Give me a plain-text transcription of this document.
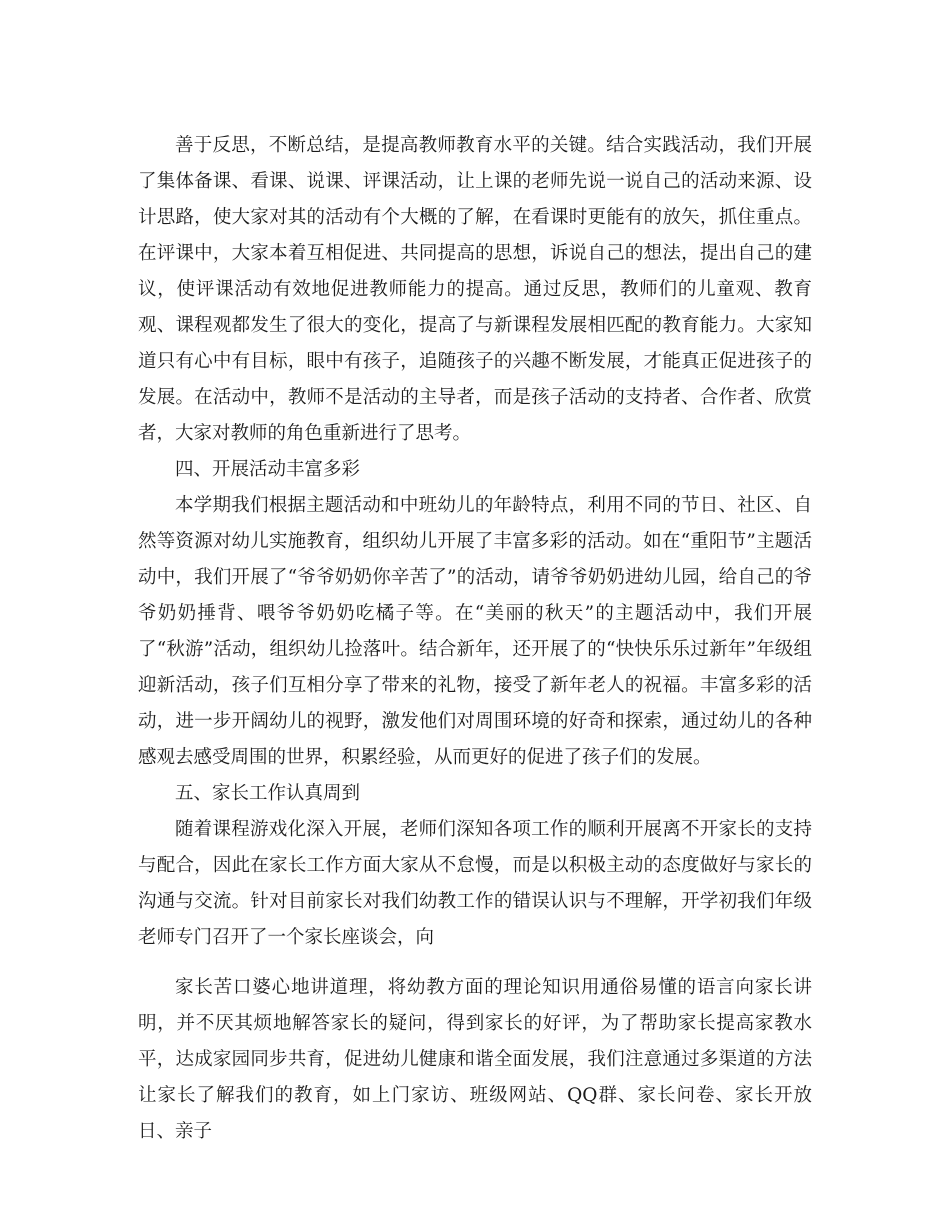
善于反思，不断总结，是提高教师教育水平的关键。结合实践活动，我们开展了集体备课、看课、说课、评课活动，让上课的老师先说一说自己的活动来源、设计思路，使大家对其的活动有个大概的了解，在看课时更能有的放矢，抓住重点。在评课中，大家本着互相促进、共同提高的思想，诉说自己的想法，提出自己的建议，使评课活动有效地促进教师能力的提高。通过反思，教师们的儿童观、教育观、课程观都发生了很大的变化，提高了与新课程发展相匹配的教育能力。大家知道只有心中有目标，眼中有孩子，追随孩子的兴趣不断发展，才能真正促进孩子的发展。在活动中，教师不是活动的主导者，而是孩子活动的支持者、合作者、欣赏者，大家对教师的角色重新进行了思考。

四、开展活动丰富多彩

本学期我们根据主题活动和中班幼儿的年龄特点，利用不同的节日、社区、自然等资源对幼儿实施教育，组织幼儿开展了丰富多彩的活动。如在“重阳节”主题活动中，我们开展了“爷爷奶奶你辛苦了”的活动，请爷爷奶奶进幼儿园，给自己的爷爷奶奶捶背、喂爷爷奶奶吃橘子等。在“美丽的秋天”的主题活动中，我们开展了“秋游”活动，组织幼儿捡落叶。结合新年，还开展了的“快快乐乐过新年”年级组迎新活动，孩子们互相分享了带来的礼物，接受了新年老人的祝福。丰富多彩的活动，进一步开阔幼儿的视野，激发他们对周围环境的好奇和探索，通过幼儿的各种感观去感受周围的世界，积累经验，从而更好的促进了孩子们的发展。

五、家长工作认真周到

随着课程游戏化深入开展，老师们深知各项工作的顺利开展离不开家长的支持与配合，因此在家长工作方面大家从不怠慢，而是以积极主动的态度做好与家长的沟通与交流。针对目前家长对我们幼教工作的错误认识与不理解，开学初我们年级老师专门召开了一个家长座谈会，向

家长苦口婆心地讲道理，将幼教方面的理论知识用通俗易懂的语言向家长讲明，并不厌其烦地解答家长的疑问，得到家长的好评，为了帮助家长提高家教水平，达成家园同步共育，促进幼儿健康和谐全面发展，我们注意通过多渠道的方法让家长了解我们的教育，如上门家访、班级网站、QQ群、家长问卷、家长开放日、亲子
